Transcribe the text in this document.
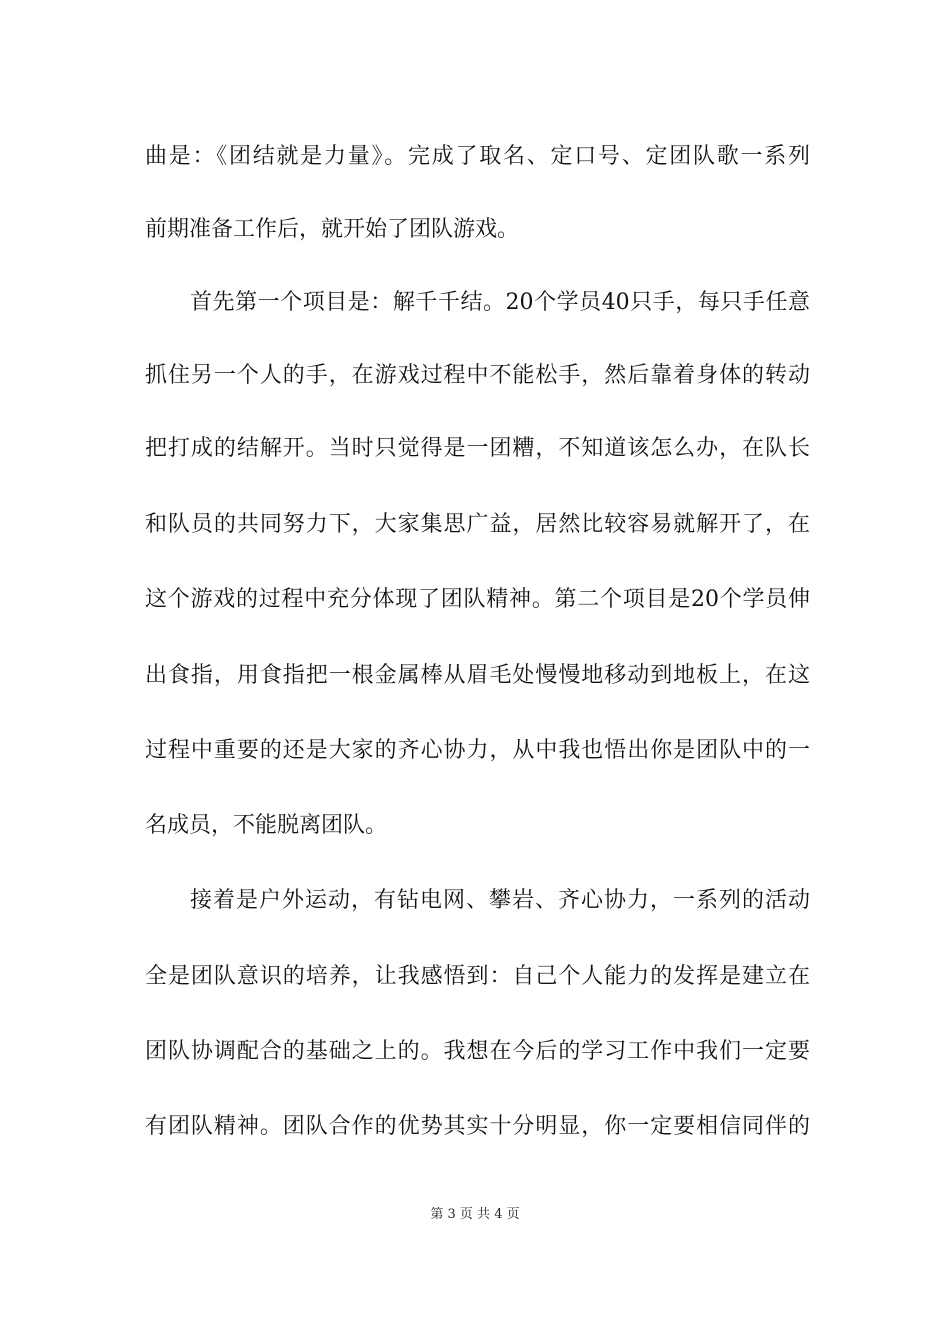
曲是：《团结就是力量》。完成了取名、定口号、定团队歌一系列
前期准备工作后，就开始了团队游戏。
首先第一个项目是：解千千结。20个学员40只手，每只手任意
抓住另一个人的手，在游戏过程中不能松手，然后靠着身体的转动
把打成的结解开。当时只觉得是一团糟，不知道该怎么办，在队长
和队员的共同努力下，大家集思广益，居然比较容易就解开了，在
这个游戏的过程中充分体现了团队精神。第二个项目是20个学员伸
出食指，用食指把一根金属棒从眉毛处慢慢地移动到地板上，在这
过程中重要的还是大家的齐心协力，从中我也悟出你是团队中的一
名成员，不能脱离团队。
接着是户外运动，有钻电网、攀岩、齐心协力，一系列的活动
全是团队意识的培养，让我感悟到：自己个人能力的发挥是建立在
团队协调配合的基础之上的。我想在今后的学习工作中我们一定要
有团队精神。团队合作的优势其实十分明显，你一定要相信同伴的
第 3 页 共 4 页
